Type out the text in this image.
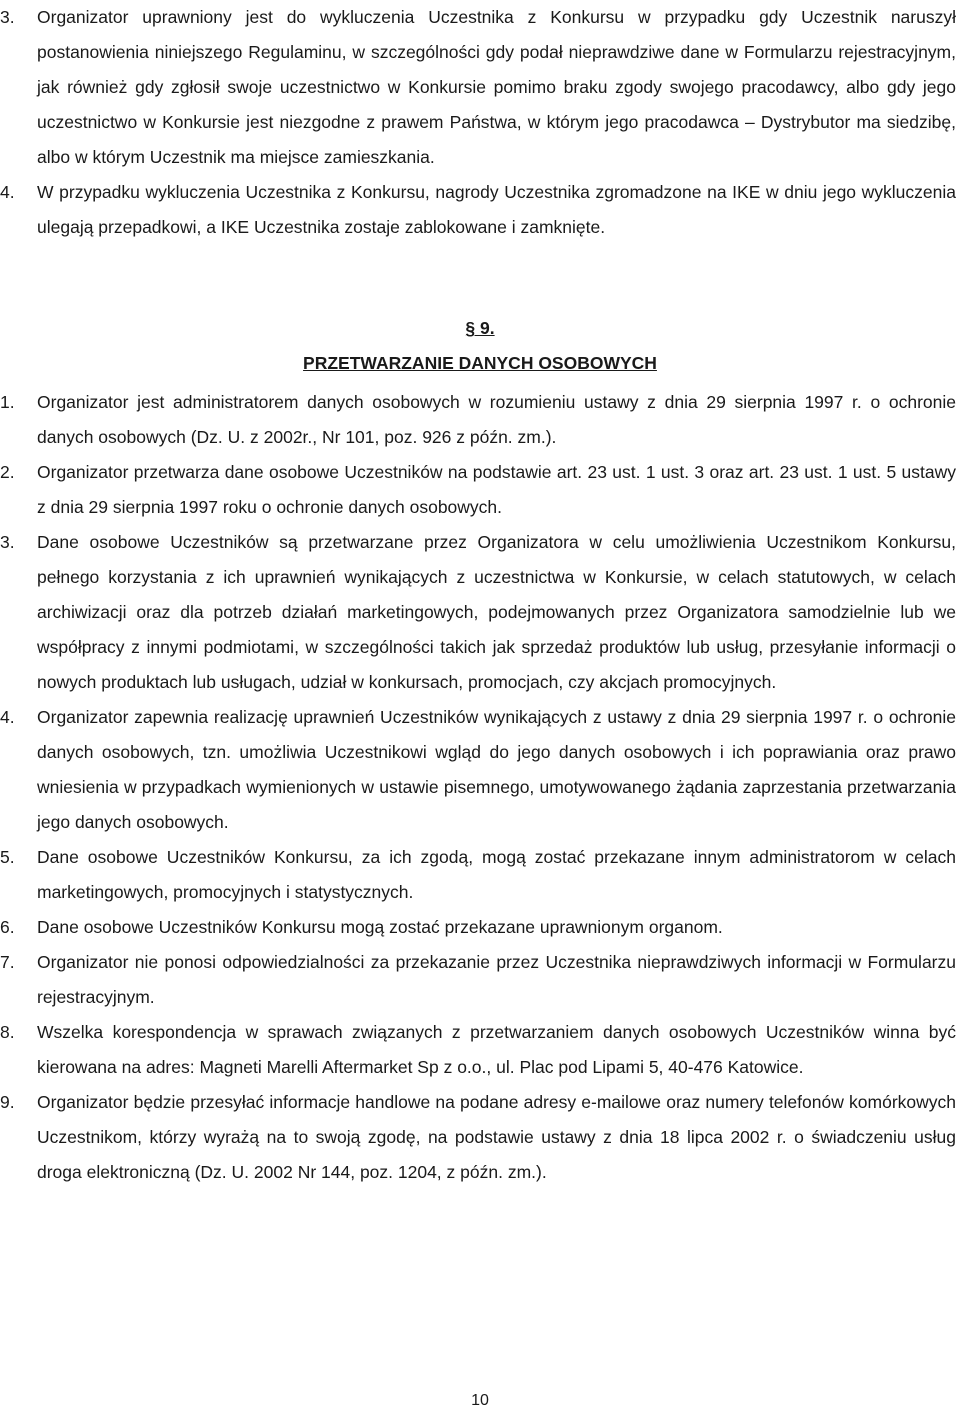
3. Organizator uprawniony jest do wykluczenia Uczestnika z Konkursu w przypadku gdy Uczestnik naruszył postanowienia niniejszego Regulaminu, w szczególności gdy podał nieprawdziwe dane w Formularzu rejestracyjnym, jak również gdy zgłosił swoje uczestnictwo w Konkursie pomimo braku zgody swojego pracodawcy, albo gdy jego uczestnictwo w Konkursie jest niezgodne z prawem Państwa, w którym jego pracodawca – Dystrybutor ma siedzibę, albo w którym Uczestnik ma miejsce zamieszkania.

4. W przypadku wykluczenia Uczestnika z Konkursu, nagrody Uczestnika zgromadzone na IKE w dniu jego wykluczenia ulegają przepadkowi, a IKE Uczestnika zostaje zablokowane i zamknięte.

§ 9.

PRZETWARZANIE DANYCH OSOBOWYCH

1. Organizator jest administratorem danych osobowych w rozumieniu ustawy z dnia 29 sierpnia 1997 r. o ochronie danych osobowych (Dz. U. z 2002r., Nr 101, poz. 926 z późn. zm.).

2. Organizator przetwarza dane osobowe Uczestników na podstawie art. 23 ust. 1 ust. 3 oraz art. 23 ust. 1 ust. 5 ustawy z dnia 29 sierpnia 1997 roku o ochronie danych osobowych.

3. Dane osobowe Uczestników są przetwarzane przez Organizatora w celu umożliwienia Uczestnikom Konkursu, pełnego korzystania z ich uprawnień wynikających z uczestnictwa w Konkursie, w celach statutowych, w celach archiwizacji oraz dla potrzeb działań marketingowych, podejmowanych przez Organizatora samodzielnie lub we współpracy z innymi podmiotami, w szczególności takich jak sprzedaż produktów lub usług, przesyłanie informacji o nowych produktach lub usługach, udział w konkursach, promocjach, czy akcjach promocyjnych.

4. Organizator zapewnia realizację uprawnień Uczestników wynikających z ustawy z dnia 29 sierpnia 1997 r. o ochronie danych osobowych, tzn. umożliwia Uczestnikowi wgląd do jego danych osobowych i ich poprawiania oraz prawo wniesienia w przypadkach wymienionych w ustawie pisemnego, umotywowanego żądania zaprzestania przetwarzania jego danych osobowych.

5. Dane osobowe Uczestników Konkursu, za ich zgodą, mogą zostać przekazane innym administratorom w celach marketingowych, promocyjnych i statystycznych.

6. Dane osobowe Uczestników Konkursu mogą zostać przekazane uprawnionym organom.

7. Organizator nie ponosi odpowiedzialności za przekazanie przez Uczestnika nieprawdziwych informacji w Formularzu rejestracyjnym.

8. Wszelka korespondencja w sprawach związanych z przetwarzaniem danych osobowych Uczestników winna być kierowana na adres: Magneti Marelli Aftermarket Sp z o.o., ul. Plac pod Lipami 5, 40-476 Katowice.

9. Organizator będzie przesyłać informacje handlowe na podane adresy e-mailowe oraz numery telefonów komórkowych Uczestnikom, którzy wyrażą na to swoją zgodę, na podstawie ustawy z dnia 18 lipca 2002 r. o świadczeniu usług droga elektroniczną (Dz. U. 2002 Nr 144, poz. 1204, z późn. zm.).

10
